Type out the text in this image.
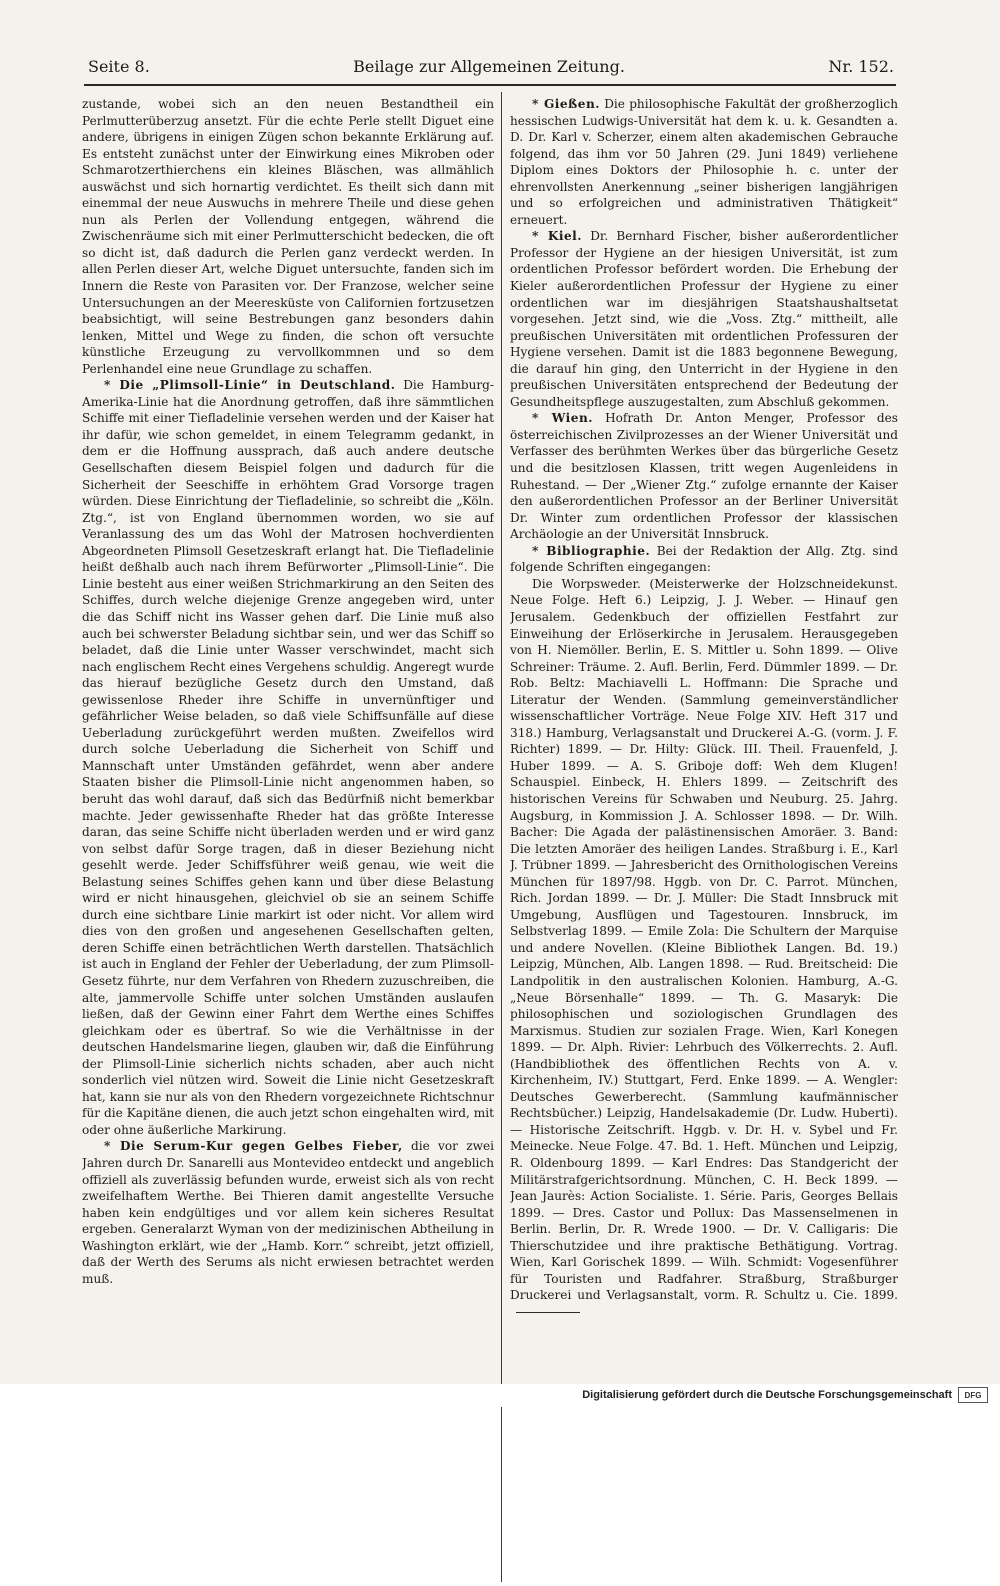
Seite 8.	Beilage zur Allgemeinen Zeitung.	Nr. 152.

zustande, wobei sich an den neuen Bestandtheil ein Perlmutterüberzug ansetzt. Für die echte Perle stellt Diguet eine andere, übrigens in einigen Zügen schon bekannte Erklärung auf. Es entsteht zunächst unter der Einwirkung eines Mikroben oder Schmarotzerthierchens ein kleines Bläschen, was allmählich auswächst und sich hornartig verdichtet. Es theilt sich dann mit einemmal der neue Auswuchs in mehrere Theile und diese gehen nun als Perlen der Vollendung entgegen, während die Zwischenräume sich mit einer Perlmutterschicht bedecken, die oft so dicht ist, daß dadurch die Perlen ganz verdeckt werden. In allen Perlen dieser Art, welche Diguet untersuchte, fanden sich im Innern die Reste von Parasiten vor. Der Franzose, welcher seine Untersuchungen an der Meeresküste von Californien fortzusetzen beabsichtigt, will seine Bestrebungen ganz besonders dahin lenken, Mittel und Wege zu finden, die schon oft versuchte künstliche Erzeugung zu vervollkommnen und so dem Perlenhandel eine neue Grundlage zu schaffen.

* Die „Plimsoll-Linie“ in Deutschland. Die Hamburg-Amerika-Linie hat die Anordnung getroffen, daß ihre sämmtlichen Schiffe mit einer Tiefladelinie versehen werden und der Kaiser hat ihr dafür, wie schon gemeldet, in einem Telegramm gedankt, in dem er die Hoffnung aussprach, daß auch andere deutsche Gesellschaften diesem Beispiel folgen und dadurch für die Sicherheit der Seeschiffe in erhöhtem Grad Vorsorge tragen würden. Diese Einrichtung der Tiefladelinie, so schreibt die „Köln. Ztg.“, ist von England übernommen worden, wo sie auf Veranlassung des um das Wohl der Matrosen hochverdienten Abgeordneten Plimsoll Gesetzeskraft erlangt hat. Die Tiefladelinie heißt deßhalb auch nach ihrem Befürworter „Plimsoll-Linie“. Die Linie besteht aus einer weißen Strichmarkirung an den Seiten des Schiffes, durch welche diejenige Grenze angegeben wird, unter die das Schiff nicht ins Wasser gehen darf. Die Linie muß also auch bei schwerster Beladung sichtbar sein, und wer das Schiff so beladet, daß die Linie unter Wasser verschwindet, macht sich nach englischem Recht eines Vergehens schuldig. Angeregt wurde das hierauf bezügliche Gesetz durch den Umstand, daß gewissenlose Rheder ihre Schiffe in unvernünftiger und gefährlicher Weise beladen, so daß viele Schiffsunfälle auf diese Ueberladung zurückgeführt werden mußten. Zweifellos wird durch solche Ueberladung die Sicherheit von Schiff und Mannschaft unter Umständen gefährdet, wenn aber andere Staaten bisher die Plimsoll-Linie nicht angenommen haben, so beruht das wohl darauf, daß sich das Bedürfniß nicht bemerkbar machte. Jeder gewissenhafte Rheder hat das größte Interesse daran, das seine Schiffe nicht überladen werden und er wird ganz von selbst dafür Sorge tragen, daß in dieser Beziehung nicht gesehlt werde. Jeder Schiffsführer weiß genau, wie weit die Belastung seines Schiffes gehen kann und über diese Belastung wird er nicht hinausgehen, gleichviel ob sie an seinem Schiffe durch eine sichtbare Linie markirt ist oder nicht. Vor allem wird dies von den großen und angesehenen Gesellschaften gelten, deren Schiffe einen beträchtlichen Werth darstellen. Thatsächlich ist auch in England der Fehler der Ueberladung, der zum Plimsoll-Gesetz führte, nur dem Verfahren von Rhedern zuzuschreiben, die alte, jammervolle Schiffe unter solchen Umständen auslaufen ließen, daß der Gewinn einer Fahrt dem Werthe eines Schiffes gleichkam oder es übertraf. So wie die Verhältnisse in der deutschen Handelsmarine liegen, glauben wir, daß die Einführung der Plimsoll-Linie sicherlich nichts schaden, aber auch nicht sonderlich viel nützen wird. Soweit die Linie nicht Gesetzeskraft hat, kann sie nur als von den Rhedern vorgezeichnete Richtschnur für die Kapitäne dienen, die auch jetzt schon eingehalten wird, mit oder ohne äußerliche Markirung.

* Die Serum-Kur gegen Gelbes Fieber, die vor zwei Jahren durch Dr. Sanarelli aus Montevideo entdeckt und angeblich offiziell als zuverlässig befunden wurde, erweist sich als von recht zweifelhaftem Werthe. Bei Thieren damit angestellte Versuche haben kein endgültiges und vor allem kein sicheres Resultat ergeben. Generalarzt Wyman von der medizinischen Abtheilung in Washington erklärt, wie der „Hamb. Korr.“ schreibt, jetzt offiziell, daß der Werth des Serums als nicht erwiesen betrachtet werden muß.

* Gießen. Die philosophische Fakultät der großherzoglich hessischen Ludwigs-Universität hat dem k. u. k. Gesandten a. D. Dr. Karl v. Scherzer, einem alten akademischen Gebrauche folgend, das ihm vor 50 Jahren (29. Juni 1849) verliehene Diplom eines Doktors der Philosophie h. c. unter der ehrenvollsten Anerkennung „seiner bisherigen langjährigen und so erfolgreichen und administrativen Thätigkeit“ erneuert.

* Kiel. Dr. Bernhard Fischer, bisher außerordentlicher Professor der Hygiene an der hiesigen Universität, ist zum ordentlichen Professor befördert worden. Die Erhebung der Kieler außerordentlichen Professur der Hygiene zu einer ordentlichen war im diesjährigen Staatshaushaltsetat vorgesehen. Jetzt sind, wie die „Voss. Ztg.“ mittheilt, alle preußischen Universitäten mit ordentlichen Professuren der Hygiene versehen. Damit ist die 1883 begonnene Bewegung, die darauf hin ging, den Unterricht in der Hygiene in den preußischen Universitäten entsprechend der Bedeutung der Gesundheitspflege auszugestalten, zum Abschluß gekommen.

* Wien. Hofrath Dr. Anton Menger, Professor des österreichischen Zivilprozesses an der Wiener Universität und Verfasser des berühmten Werkes über das bürgerliche Gesetz und die besitzlosen Klassen, tritt wegen Augenleidens in Ruhestand. — Der „Wiener Ztg.“ zufolge ernannte der Kaiser den außerordentlichen Professor an der Berliner Universität Dr. Winter zum ordentlichen Professor der klassischen Archäologie an der Universität Innsbruck.

* Bibliographie. Bei der Redaktion der Allg. Ztg. sind folgende Schriften eingegangen:

Die Worpsweder. (Meisterwerke der Holzschneidekunst. Neue Folge. Heft 6.) Leipzig, J. J. Weber. — Hinauf gen Jerusalem. Gedenkbuch der offiziellen Festfahrt zur Einweihung der Erlöserkirche in Jerusalem. Herausgegeben von H. Niemöller. Berlin, E. S. Mittler u. Sohn 1899. — Olive Schreiner: Träume. 2. Aufl. Berlin, Ferd. Dümmler 1899. — Dr. Rob. Beltz: Machiavelli L. Hoffmann: Die Sprache und Literatur der Wenden. (Sammlung gemeinverständlicher wissenschaftlicher Vorträge. Neue Folge XIV. Heft 317 und 318.) Hamburg, Verlagsanstalt und Druckerei A.-G. (vorm. J. F. Richter) 1899. — Dr. Hilty: Glück. III. Theil. Frauenfeld, J. Huber 1899. — A. S. Griboje doff: Weh dem Klugen! Schauspiel. Einbeck, H. Ehlers 1899. — Zeitschrift des historischen Vereins für Schwaben und Neuburg. 25. Jahrg. Augsburg, in Kommission J. A. Schlosser 1898. — Dr. Wilh. Bacher: Die Agada der palästinensischen Amoräer. 3. Band: Die letzten Amoräer des heiligen Landes. Straßburg i. E., Karl J. Trübner 1899. — Jahresbericht des Ornithologischen Vereins München für 1897/98. Hggb. von Dr. C. Parrot. München, Rich. Jordan 1899. — Dr. J. Müller: Die Stadt Innsbruck mit Umgebung, Ausflügen und Tagestouren. Innsbruck, im Selbstverlag 1899. — Emile Zola: Die Schultern der Marquise und andere Novellen. (Kleine Bibliothek Langen. Bd. 19.) Leipzig, München, Alb. Langen 1898. — Rud. Breitscheid: Die Landpolitik in den australischen Kolonien. Hamburg, A.-G. „Neue Börsenhalle“ 1899. — Th. G. Masaryk: Die philosophischen und soziologischen Grundlagen des Marxismus. Studien zur sozialen Frage. Wien, Karl Konegen 1899. — Dr. Alph. Rivier: Lehrbuch des Völkerrechts. 2. Aufl. (Handbibliothek des öffentlichen Rechts von A. v. Kirchenheim, IV.) Stuttgart, Ferd. Enke 1899. — A. Wengler: Deutsches Gewerberecht. (Sammlung kaufmännischer Rechtsbücher.) Leipzig, Handelsakademie (Dr. Ludw. Huberti). — Historische Zeitschrift. Hggb. v. Dr. H. v. Sybel und Fr. Meinecke. Neue Folge. 47. Bd. 1. Heft. München und Leipzig, R. Oldenbourg 1899. — Karl Endres: Das Standgericht der Militärstrafgerichtsordnung. München, C. H. Beck 1899. — Jean Jaurès: Action Socialiste. 1. Série. Paris, Georges Bellais 1899. — Dres. Castor und Pollux: Das Massenselmenen in Berlin. Berlin, Dr. R. Wrede 1900. — Dr. V. Calligaris: Die Thierschutzidee und ihre praktische Bethätigung. Vortrag. Wien, Karl Gorischek 1899. — Wilh. Schmidt: Vogesenführer für Touristen und Radfahrer. Straßburg, Straßburger Druckerei und Verlagsanstalt, vorm. R. Schultz u. Cie. 1899.

Digitalisierung gefördert durch die Deutsche Forschungsgemeinschaft	DFG
